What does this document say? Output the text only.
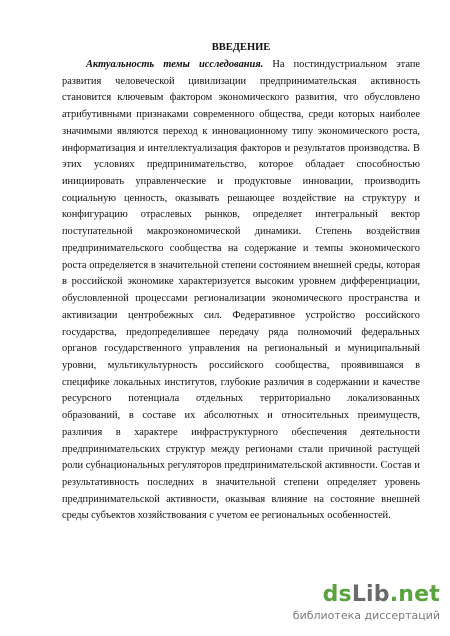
ВВЕДЕНИЕ

Актуальность темы исследования. На постиндустриальном этапе развития человеческой цивилизации предпринимательская активность становится ключевым фактором экономического развития, что обусловлено атрибутивными признаками современного общества, среди которых наиболее значимыми являются переход к инновационному типу экономического роста, информатизация и интеллектуализация факторов и результатов производства. В этих условиях предпринимательство, которое обладает способностью инициировать управленческие и продуктовые инновации, производить социальную ценность, оказывать решающее воздействие на структуру и конфигурацию отраслевых рынков, определяет интегральный вектор поступательной макроэкономической динамики. Степень воздействия предпринимательского сообщества на содержание и темпы экономического роста определяется в значительной степени состоянием внешней среды, которая в российской экономике характеризуется высоким уровнем дифференциации, обусловленной процессами регионализации экономического пространства и активизации центробежных сил. Федеративное устройство российского государства, предопределившее передачу ряда полномочий федеральных органов государственного управления на региональный и муниципальный уровни, мультикультурность российского сообщества, проявившаяся в специфике локальных институтов, глубокие различия в содержании и качестве ресурсного потенциала отдельных территориально локализованных образований, в составе их абсолютных и относительных преимуществ, различия в характере инфраструктурного обеспечения деятельности предпринимательских структур между регионами стали причиной растущей роли субнациональных регуляторов предпринимательской активности. Состав и результативность последних в значительной степени определяет уровень предпринимательской активности, оказывая влияние на состояние внешней среды субъектов хозяйствования с учетом ее региональных особенностей.

dsLib.net
библиотека диссертаций
